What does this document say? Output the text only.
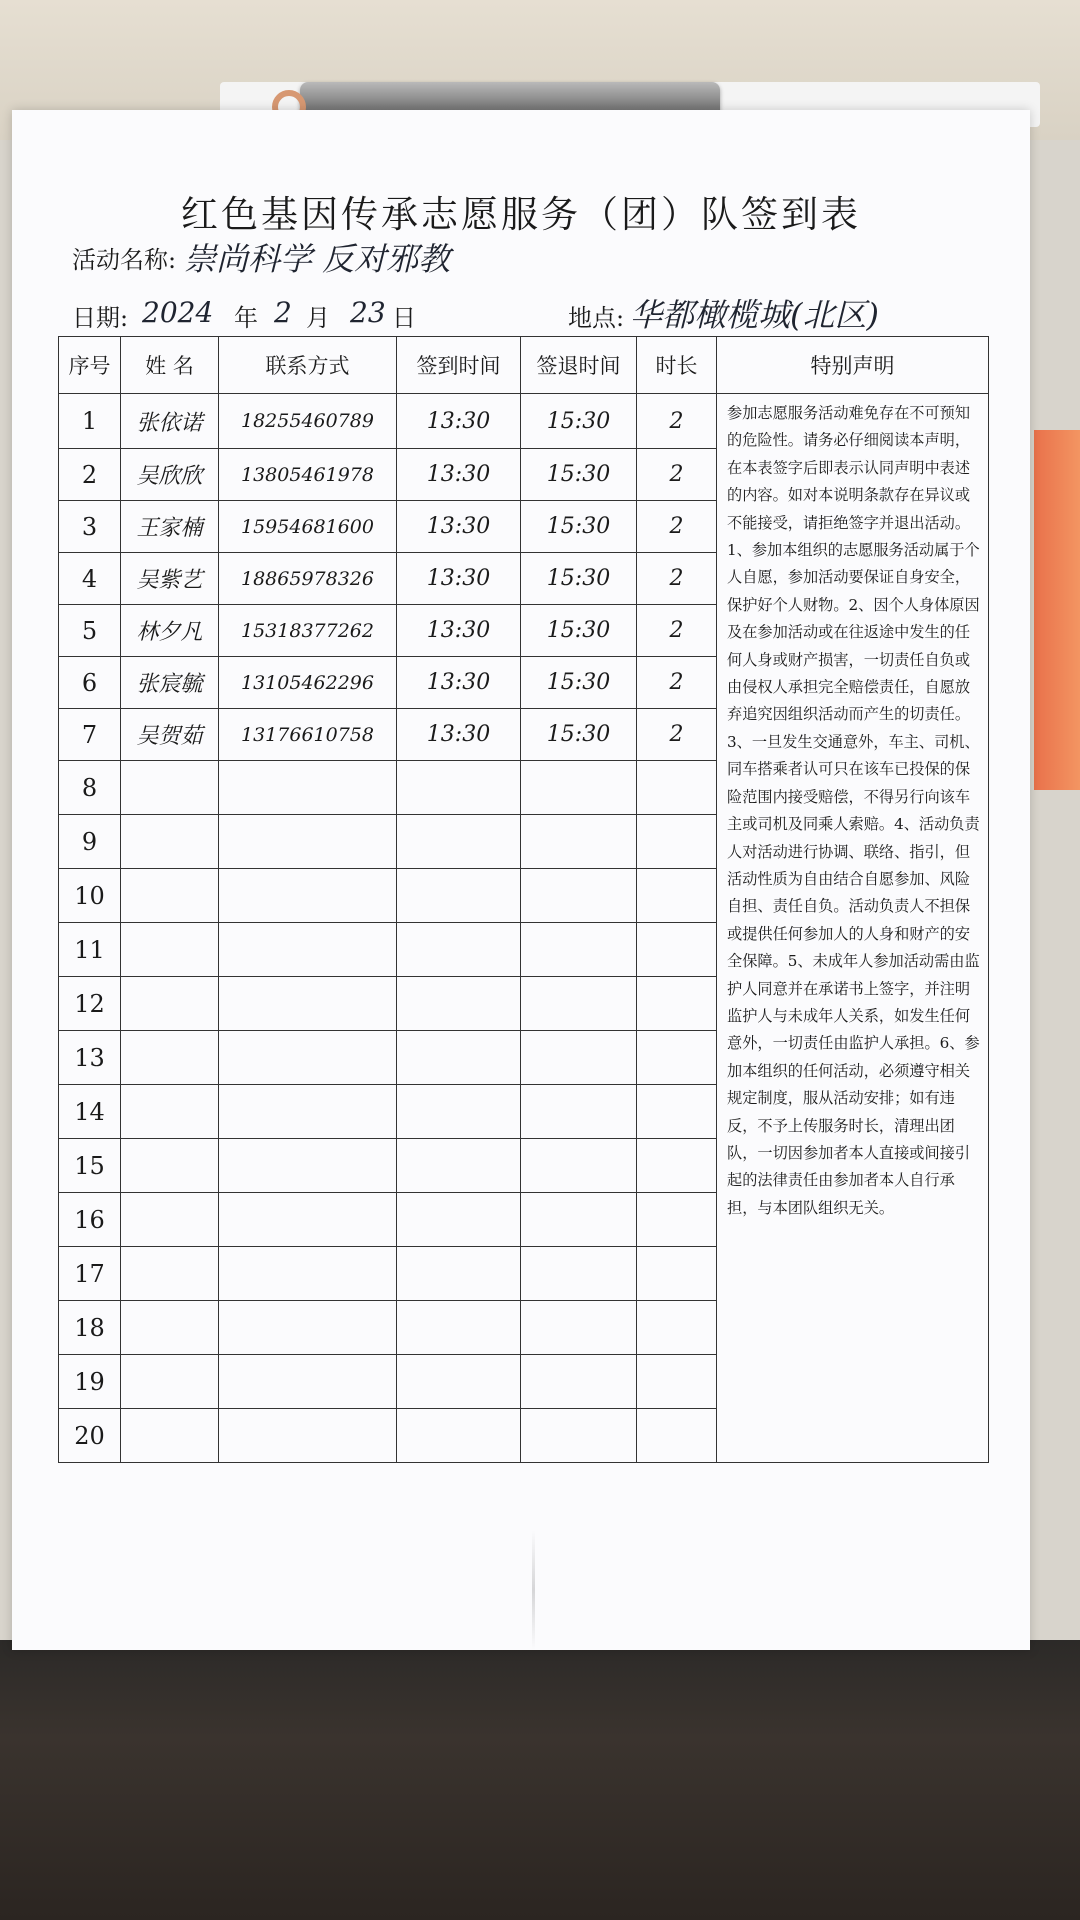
红色基因传承志愿服务（团）队签到表
活动名称: 崇尚科学 反对邪教
日期: 2024 年 2 月 23 日	地点: 华都橄榄城(北区)
序号	姓 名	联系方式	签到时间	签退时间	时长	特别声明
1	张依诺	18255460789	13:30	15:30	2	参加志愿服务活动难免存在不可预知的危险性。请务必仔细阅读本声明，在本表签字后即表示认同声明中表述的内容。如对本说明条款存在异议或不能接受，请拒绝签字并退出活动。1、参加本组织的志愿服务活动属于个人自愿，参加活动要保证自身安全，保护好个人财物。2、因个人身体原因及在参加活动或在往返途中发生的任何人身或财产损害，一切责任自负或由侵权人承担完全赔偿责任，自愿放弃追究因组织活动而产生的切责任。3、一旦发生交通意外，车主、司机、同车搭乘者认可只在该车已投保的保险范围内接受赔偿，不得另行向该车主或司机及同乘人索赔。4、活动负责人对活动进行协调、联络、指引，但活动性质为自由结合自愿参加、风险自担、责任自负。活动负责人不担保或提供任何参加人的人身和财产的安全保障。5、未成年人参加活动需由监护人同意并在承诺书上签字，并注明监护人与未成年人关系，如发生任何意外，一切责任由监护人承担。6、参加本组织的任何活动，必须遵守相关规定制度，服从活动安排；如有违反，不予上传服务时长，清理出团队，一切因参加者本人直接或间接引起的法律责任由参加者本人自行承担，与本团队组织无关。
2	吴欣欣	13805461978	13:30	15:30	2	
3	王家楠	15954681600	13:30	15:30	2	
4	吴紫艺	18865978326	13:30	15:30	2	
5	林夕凡	15318377262	13:30	15:30	2	
6	张宸毓	13105462296	13:30	15:30	2	
7	吴贺茹	13176610758	13:30	15:30	2	
8						
9						
10						
11						
12						
13						
14						
15						
16						
17						
18						
19						
20						
